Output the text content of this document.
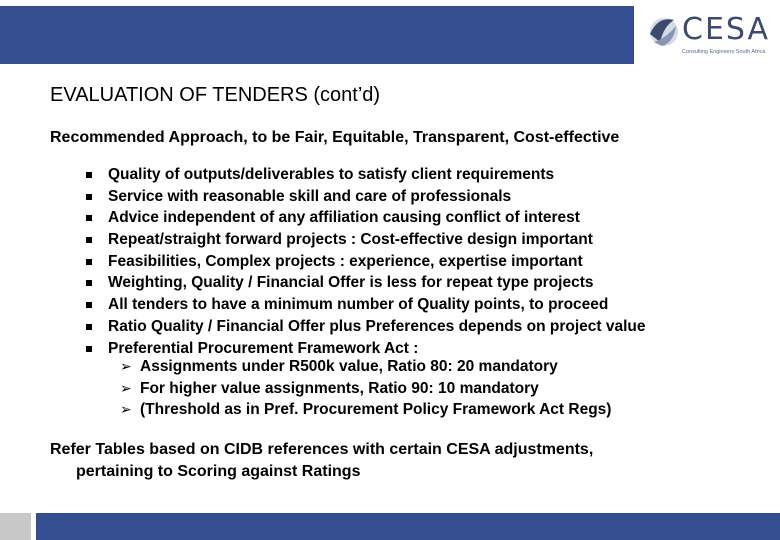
CESA
Consulting Engineers South Africa
EVALUATION OF TENDERS (cont’d)
Recommended Approach, to be Fair, Equitable, Transparent, Cost-effective
Quality of outputs/deliverables to satisfy client requirements
Service with reasonable skill and care of professionals
Advice independent of any affiliation causing conflict of interest
Repeat/straight forward projects : Cost-effective design important
Feasibilities, Complex projects : experience, expertise important
Weighting, Quality / Financial Offer is less for repeat type projects
All tenders to have a minimum number of Quality points, to proceed
Ratio Quality / Financial Offer plus Preferences depends on project value
Preferential Procurement Framework Act :
➢ Assignments under R500k value, Ratio 80: 20 mandatory
➢ For higher value assignments, Ratio 90: 10 mandatory
➢ (Threshold as in Pref. Procurement Policy Framework Act Regs)
Refer Tables based on CIDB references with certain CESA adjustments,
pertaining to Scoring against Ratings
